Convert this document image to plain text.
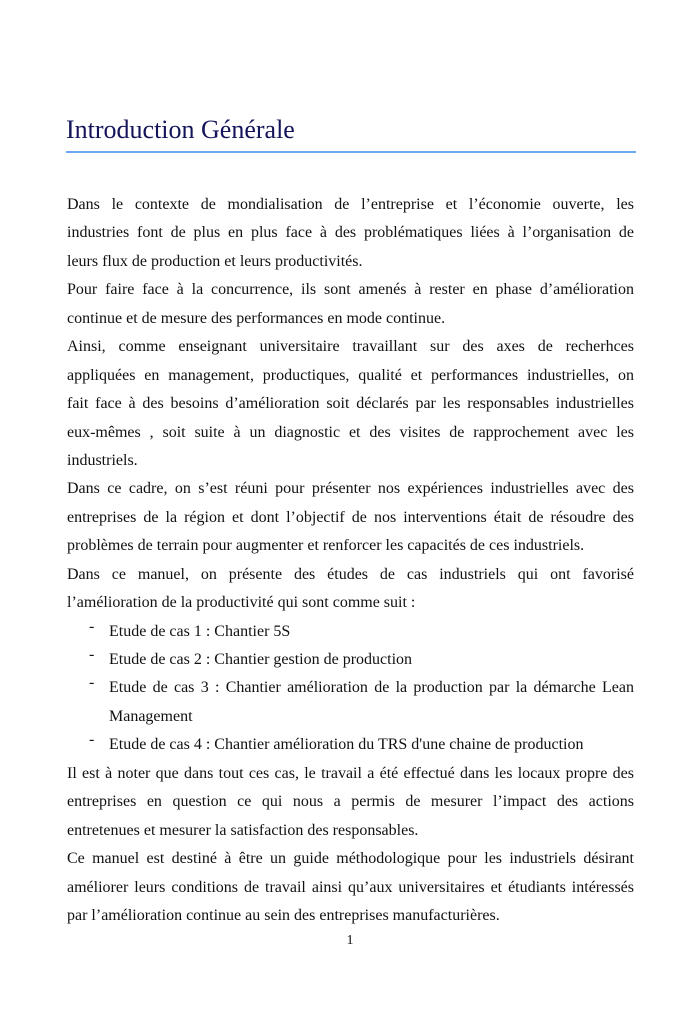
Introduction Générale
Dans le contexte de mondialisation de l’entreprise et l’économie ouverte, les
industries font de plus en plus face à des problématiques liées à l’organisation de
leurs flux de production et leurs productivités.
Pour faire face à la concurrence, ils sont amenés à rester en phase d’amélioration
continue et de mesure des performances en mode continue.
Ainsi, comme enseignant universitaire travaillant sur des axes de recherhces
appliquées en management, productiques, qualité et performances industrielles, on
fait face à des besoins d’amélioration soit déclarés par les responsables industrielles
eux-mêmes , soit suite à un diagnostic et des visites de rapprochement avec les
industriels.
Dans ce cadre, on s’est réuni pour présenter nos expériences industrielles avec des
entreprises de la région et dont l’objectif de nos interventions était de résoudre des
problèmes de terrain pour augmenter et renforcer les capacités de ces industriels.
Dans ce manuel, on présente des études de cas industriels qui ont favorisé
l’amélioration de la productivité qui sont comme suit :
- Etude de cas 1 : Chantier 5S
- Etude de cas 2 : Chantier gestion de production
- Etude de cas 3 : Chantier amélioration de la production par la démarche Lean
Management
- Etude de cas 4 : Chantier amélioration du TRS d'une chaine de production
Il est à noter que dans tout ces cas, le travail a été effectué dans les locaux propre des
entreprises en question ce qui nous a permis de mesurer l’impact des actions
entretenues et mesurer la satisfaction des responsables.
Ce manuel est destiné à être un guide méthodologique pour les industriels désirant
améliorer leurs conditions de travail ainsi qu’aux universitaires et étudiants intéressés
par l’amélioration continue au sein des entreprises manufacturières.
1
